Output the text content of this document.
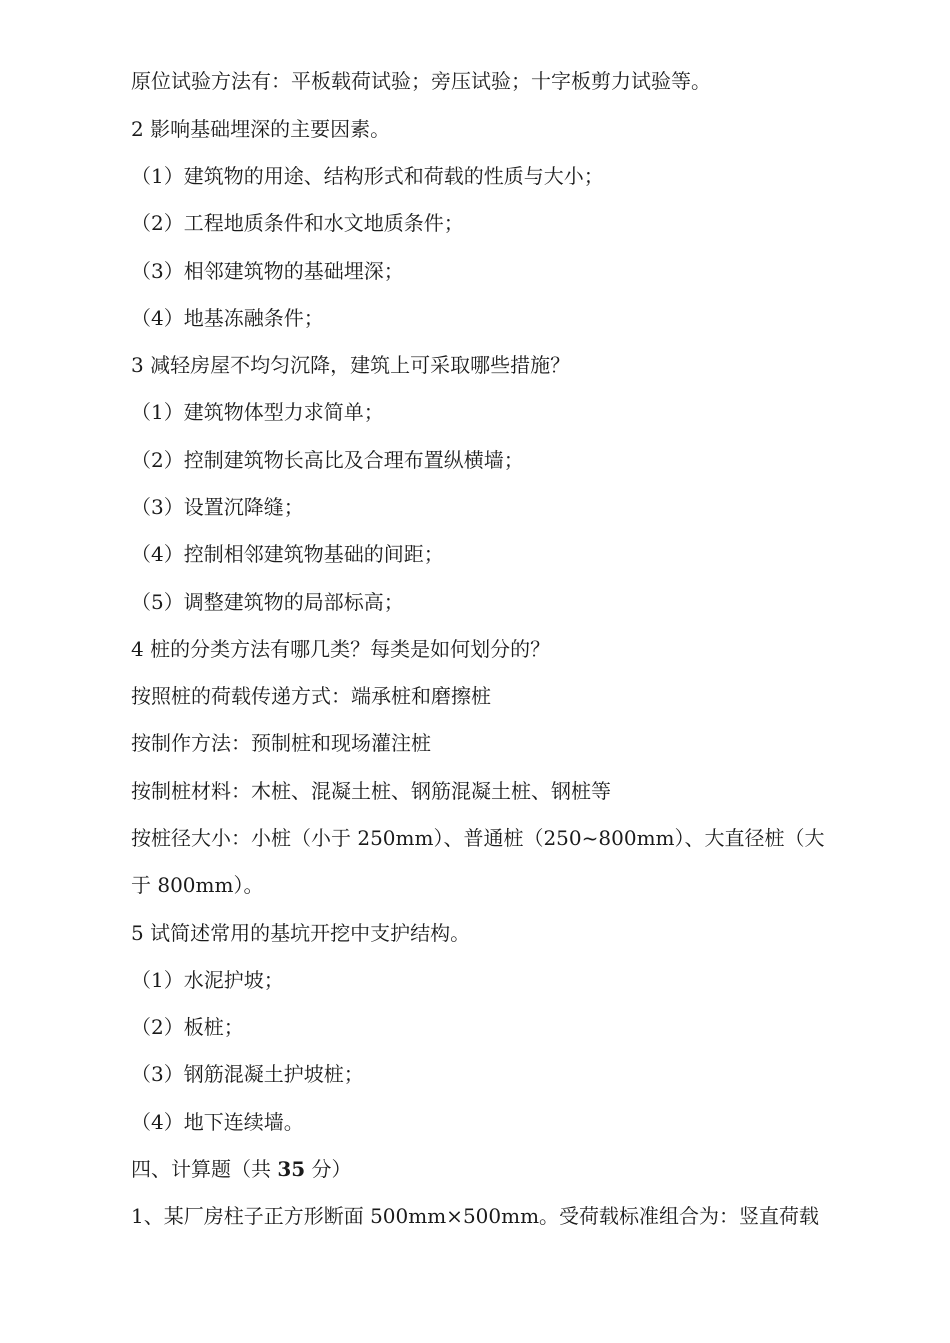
原位试验方法有：平板载荷试验；旁压试验；十字板剪力试验等。
2 影响基础埋深的主要因素。
（1）建筑物的用途、结构形式和荷载的性质与大小；
（2）工程地质条件和水文地质条件；
（3）相邻建筑物的基础埋深；
（4）地基冻融条件；
3 减轻房屋不均匀沉降，建筑上可采取哪些措施？
（1）建筑物体型力求简单；
（2）控制建筑物长高比及合理布置纵横墙；
（3）设置沉降缝；
（4）控制相邻建筑物基础的间距；
（5）调整建筑物的局部标高；
4 桩的分类方法有哪几类？每类是如何划分的？
按照桩的荷载传递方式：端承桩和磨擦桩
按制作方法：预制桩和现场灌注桩
按制桩材料：木桩、混凝土桩、钢筋混凝土桩、钢桩等
按桩径大小：小桩（小于 250mm）、普通桩（250~800mm）、大直径桩（大
于 800mm）。
5 试简述常用的基坑开挖中支护结构。
（1）水泥护坡；
（2）板桩；
（3）钢筋混凝土护坡桩；
（4）地下连续墙。
四、计算题（共 35 分）
1、某厂房柱子正方形断面 500mm×500mm。受荷载标准组合为：竖直荷载
